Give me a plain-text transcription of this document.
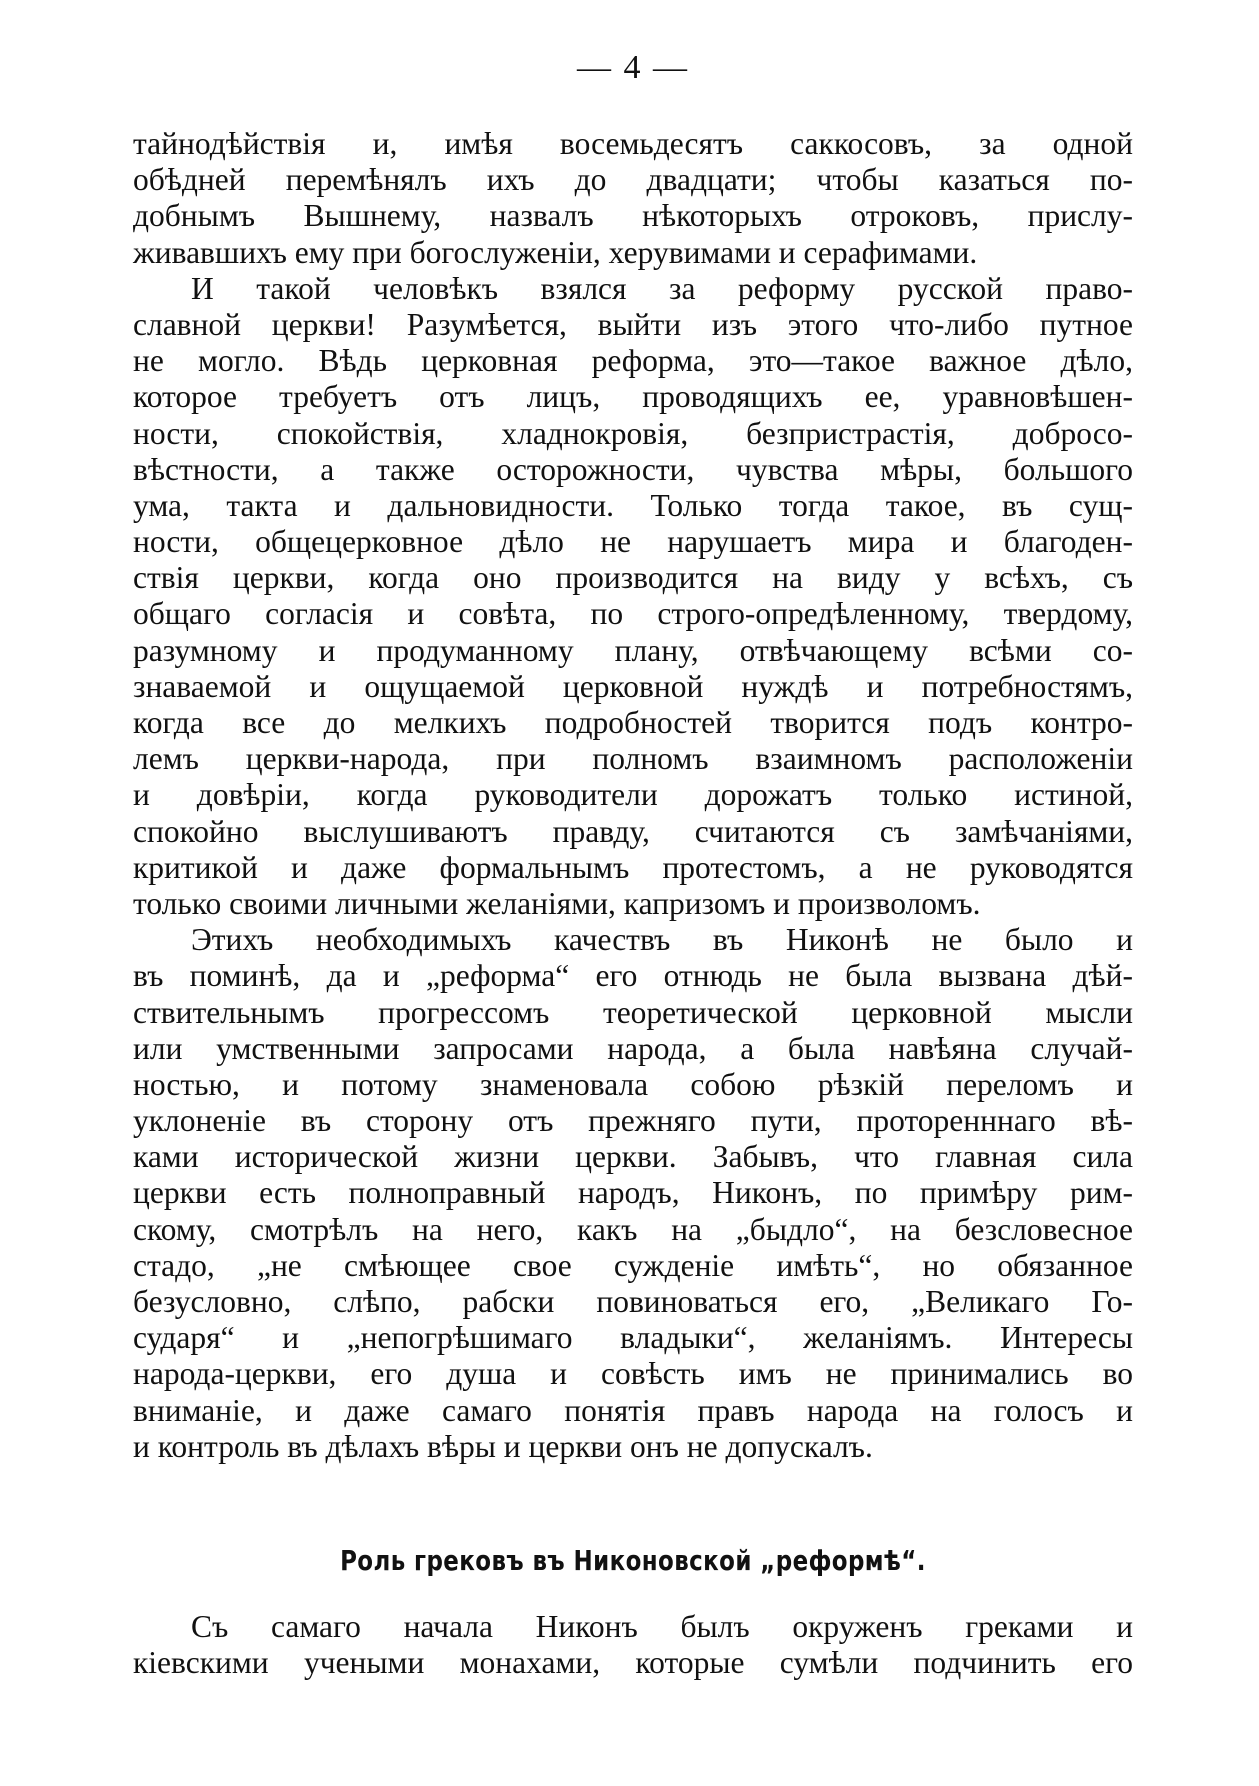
— 4 —
тайнодѣйствія и, имѣя восемьдесятъ саккосовъ, за одной
обѣдней перемѣнялъ ихъ до двадцати; чтобы казаться по-
добнымъ Вышнему, назвалъ нѣкоторыхъ отроковъ, прислу-
живавшихъ ему при богослуженіи, херувимами и серафимами.
И такой человѣкъ взялся за реформу русской право-
славной церкви! Разумѣется, выйти изъ этого что-либо путное
не могло. Вѣдь церковная реформа, это—такое важное дѣло,
которое требуетъ отъ лицъ, проводящихъ ее, уравновѣшен-
ности, спокойствія, хладнокровія, безпристрастія, добросо-
вѣстности, а также осторожности, чувства мѣры, большого
ума, такта и дальновидности. Только тогда такое, въ сущ-
ности, общецерковное дѣло не нарушаетъ мира и благоден-
ствія церкви, когда оно производится на виду у всѣхъ, съ
общаго согласія и совѣта, по строго-опредѣленному, твердому,
разумному и продуманному плану, отвѣчающему всѣми со-
знаваемой и ощущаемой церковной нуждѣ и потребностямъ,
когда все до мелкихъ подробностей творится подъ контро-
лемъ церкви-народа, при полномъ взаимномъ расположеніи
и довѣріи, когда руководители дорожатъ только истиной,
спокойно выслушиваютъ правду, считаются съ замѣчаніями,
критикой и даже формальнымъ протестомъ, а не руководятся
только своими личными желаніями, капризомъ и произволомъ.
Этихъ необходимыхъ качествъ въ Никонѣ не было и
въ поминѣ, да и „реформа“ его отнюдь не была вызвана дѣй-
ствительнымъ прогрессомъ теоретической церковной мысли
или умственными запросами народа, а была навѣяна случай-
ностью, и потому знаменовала собою рѣзкій переломъ и
уклоненіе въ сторону отъ прежняго пути, проторенннаго вѣ-
ками исторической жизни церкви. Забывъ, что главная сила
церкви есть полноправный народъ, Никонъ, по примѣру рим-
скому, смотрѣлъ на него, какъ на „быдло“, на безсловесное
стадо, „не смѣющее свое сужденіе имѣть“, но обязанное
безусловно, слѣпо, рабски повиноваться его, „Великаго Го-
сударя“ и „непогрѣшимаго владыки“, желаніямъ. Интересы
народа-церкви, его душа и совѣсть имъ не принимались во
вниманіе, и даже самаго понятія правъ народа на голосъ и
и контроль въ дѣлахъ вѣры и церкви онъ не допускалъ.
Роль грековъ въ Никоновской „реформѣ“.
Съ самаго начала Никонъ былъ окруженъ греками и
кіевскими учеными монахами, которые сумѣли подчинить его
